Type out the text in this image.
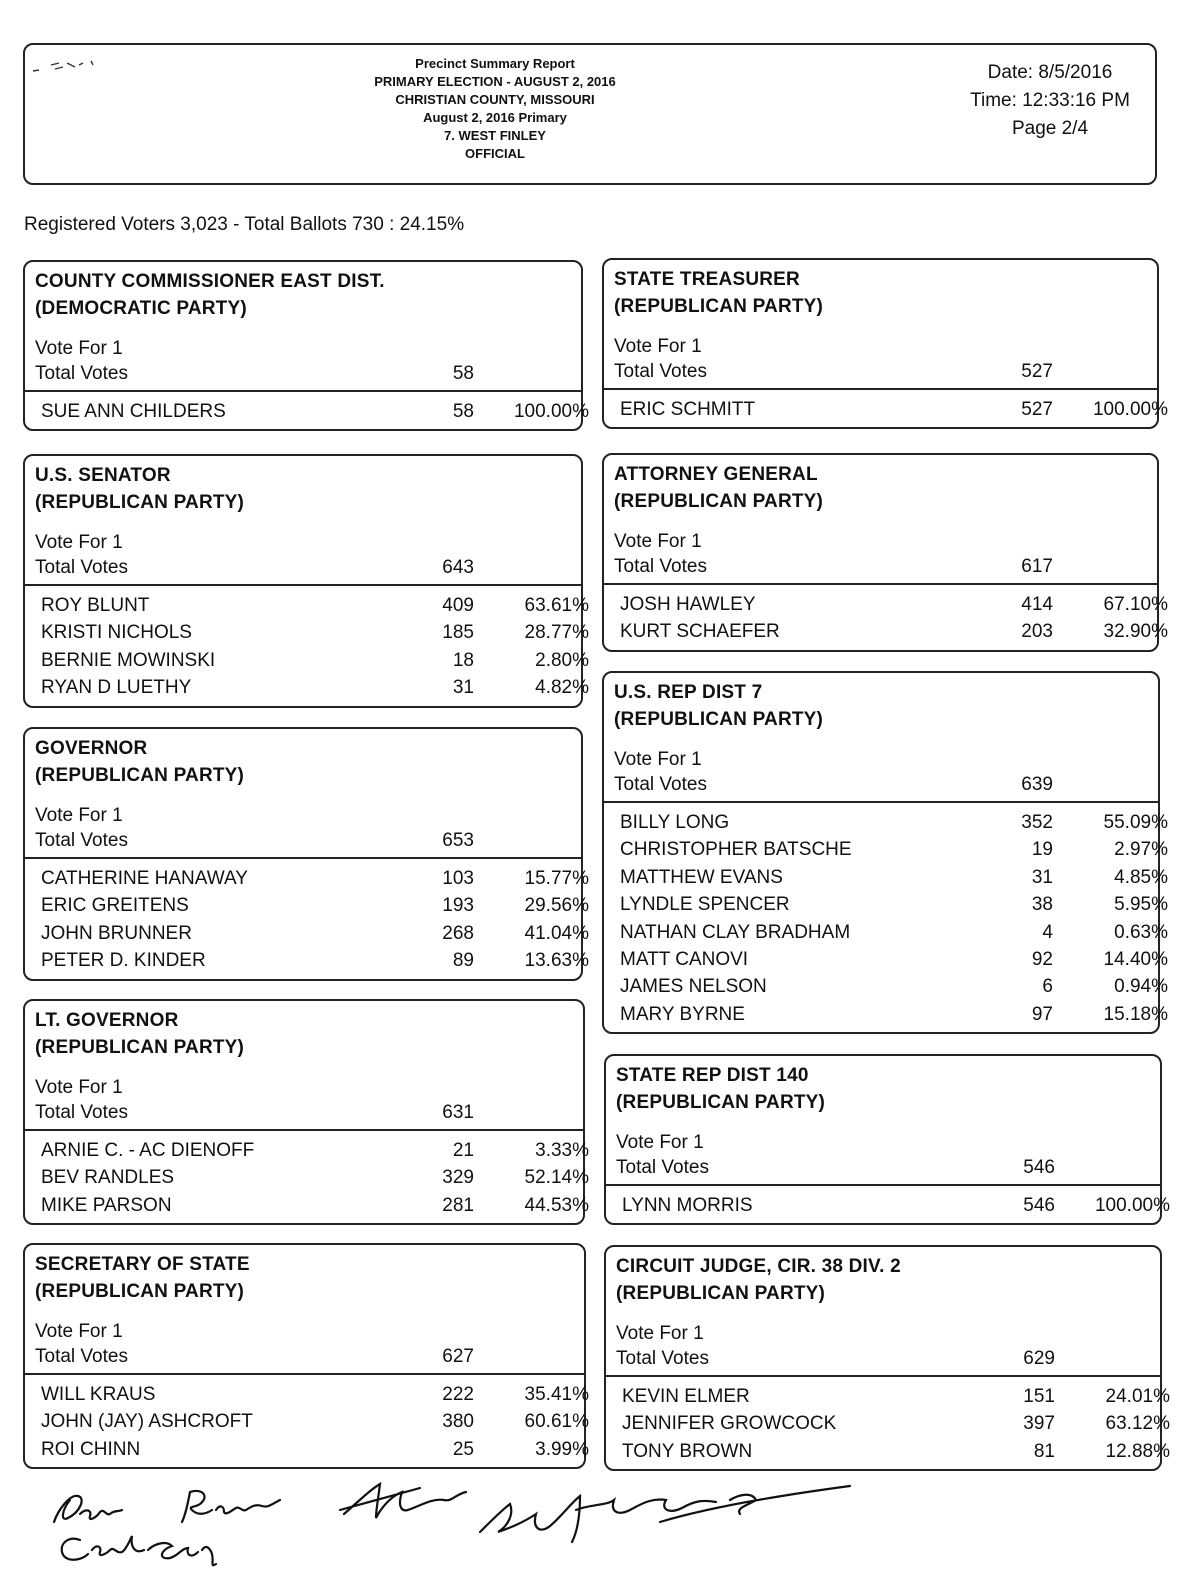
Precinct Summary Report
PRIMARY ELECTION - AUGUST 2, 2016
CHRISTIAN COUNTY, MISSOURI
August 2, 2016 Primary
7. WEST FINLEY
OFFICIAL
Date: 8/5/2016
Time: 12:33:16 PM
Page 2/4
Registered Voters 3,023 - Total Ballots 730 : 24.15%
COUNTY COMMISSIONER EAST DIST.
(DEMOCRATIC PARTY)
Vote For 1
Total Votes	58
SUE ANN CHILDERS	58	100.00%
U.S. SENATOR
(REPUBLICAN PARTY)
Vote For 1
Total Votes	643
ROY BLUNT	409	63.61%
KRISTI NICHOLS	185	28.77%
BERNIE MOWINSKI	18	2.80%
RYAN D LUETHY	31	4.82%
GOVERNOR
(REPUBLICAN PARTY)
Vote For 1
Total Votes	653
CATHERINE HANAWAY	103	15.77%
ERIC GREITENS	193	29.56%
JOHN BRUNNER	268	41.04%
PETER D. KINDER	89	13.63%
LT. GOVERNOR
(REPUBLICAN PARTY)
Vote For 1
Total Votes	631
ARNIE C. - AC DIENOFF	21	3.33%
BEV RANDLES	329	52.14%
MIKE PARSON	281	44.53%
SECRETARY OF STATE
(REPUBLICAN PARTY)
Vote For 1
Total Votes	627
WILL KRAUS	222	35.41%
JOHN (JAY) ASHCROFT	380	60.61%
ROI CHINN	25	3.99%
STATE TREASURER
(REPUBLICAN PARTY)
Vote For 1
Total Votes	527
ERIC SCHMITT	527	100.00%
ATTORNEY GENERAL
(REPUBLICAN PARTY)
Vote For 1
Total Votes	617
JOSH HAWLEY	414	67.10%
KURT SCHAEFER	203	32.90%
U.S. REP DIST 7
(REPUBLICAN PARTY)
Vote For 1
Total Votes	639
BILLY LONG	352	55.09%
CHRISTOPHER BATSCHE	19	2.97%
MATTHEW EVANS	31	4.85%
LYNDLE SPENCER	38	5.95%
NATHAN CLAY BRADHAM	4	0.63%
MATT CANOVI	92	14.40%
JAMES NELSON	6	0.94%
MARY BYRNE	97	15.18%
STATE REP DIST 140
(REPUBLICAN PARTY)
Vote For 1
Total Votes	546
LYNN MORRIS	546	100.00%
CIRCUIT JUDGE, CIR. 38 DIV. 2
(REPUBLICAN PARTY)
Vote For 1
Total Votes	629
KEVIN ELMER	151	24.01%
JENNIFER GROWCOCK	397	63.12%
TONY BROWN	81	12.88%
